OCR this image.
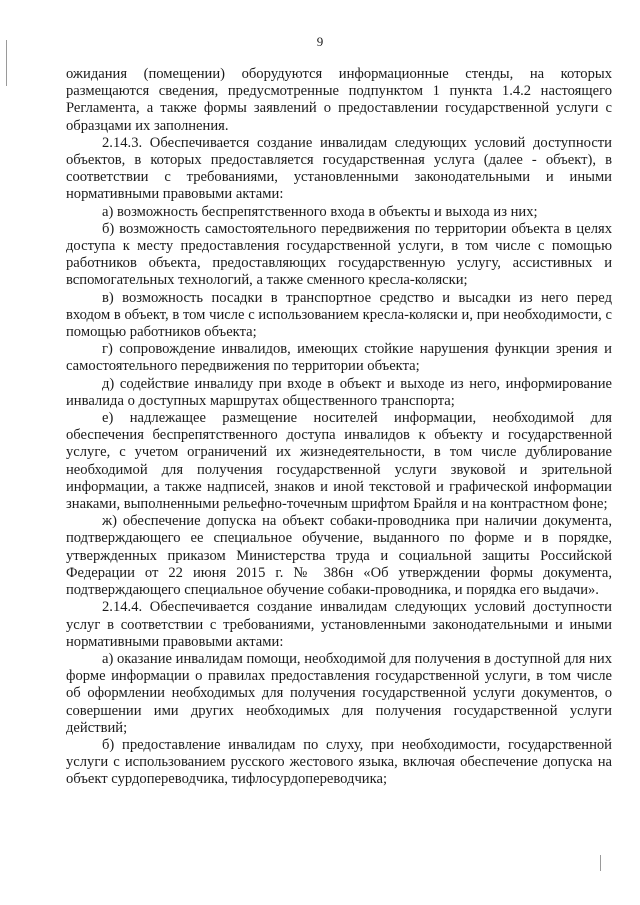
9

ожидания (помещении) оборудуются информационные стенды, на которых размещаются сведения, предусмотренные подпунктом 1 пункта 1.4.2 настоящего Регламента, а также формы заявлений о предоставлении государственной услуги с образцами их заполнения.

2.14.3. Обеспечивается создание инвалидам следующих условий доступности объектов, в которых предоставляется государственная услуга (далее - объект), в соответствии с требованиями, установленными законодательными и иными нормативными правовыми актами:

а) возможность беспрепятственного входа в объекты и выхода из них;

б) возможность самостоятельного передвижения по территории объекта в целях доступа к месту предоставления государственной услуги, в том числе с помощью работников объекта, предоставляющих государственную услугу, ассистивных и вспомогательных технологий, а также сменного кресла-коляски;

в) возможность посадки в транспортное средство и высадки из него перед входом в объект, в том числе с использованием кресла-коляски и, при необходимости, с помощью работников объекта;

г) сопровождение инвалидов, имеющих стойкие нарушения функции зрения и самостоятельного передвижения по территории объекта;

д) содействие инвалиду при входе в объект и выходе из него, информирование инвалида о доступных маршрутах общественного транспорта;

е) надлежащее размещение носителей информации, необходимой для обеспечения беспрепятственного доступа инвалидов к объекту и государственной услуге, с учетом ограничений их жизнедеятельности, в том числе дублирование необходимой для получения государственной услуги звуковой и зрительной информации, а также надписей, знаков и иной текстовой и графической информации знаками, выполненными рельефно-точечным шрифтом Брайля и на контрастном фоне;

ж) обеспечение допуска на объект собаки-проводника при наличии документа, подтверждающего ее специальное обучение, выданного по форме и в порядке, утвержденных приказом Министерства труда и социальной защиты Российской Федерации от 22 июня 2015 г. № 386н «Об утверждении формы документа, подтверждающего специальное обучение собаки-проводника, и порядка его выдачи».

2.14.4. Обеспечивается создание инвалидам следующих условий доступности услуг в соответствии с требованиями, установленными законодательными и иными нормативными правовыми актами:

а) оказание инвалидам помощи, необходимой для получения в доступной для них форме информации о правилах предоставления государственной услуги, в том числе об оформлении необходимых для получения государственной услуги документов, о совершении ими других необходимых для получения государственной услуги действий;

б) предоставление инвалидам по слуху, при необходимости, государственной услуги с использованием русского жестового языка, включая обеспечение допуска на объект сурдопереводчика, тифлосурдопереводчика;
